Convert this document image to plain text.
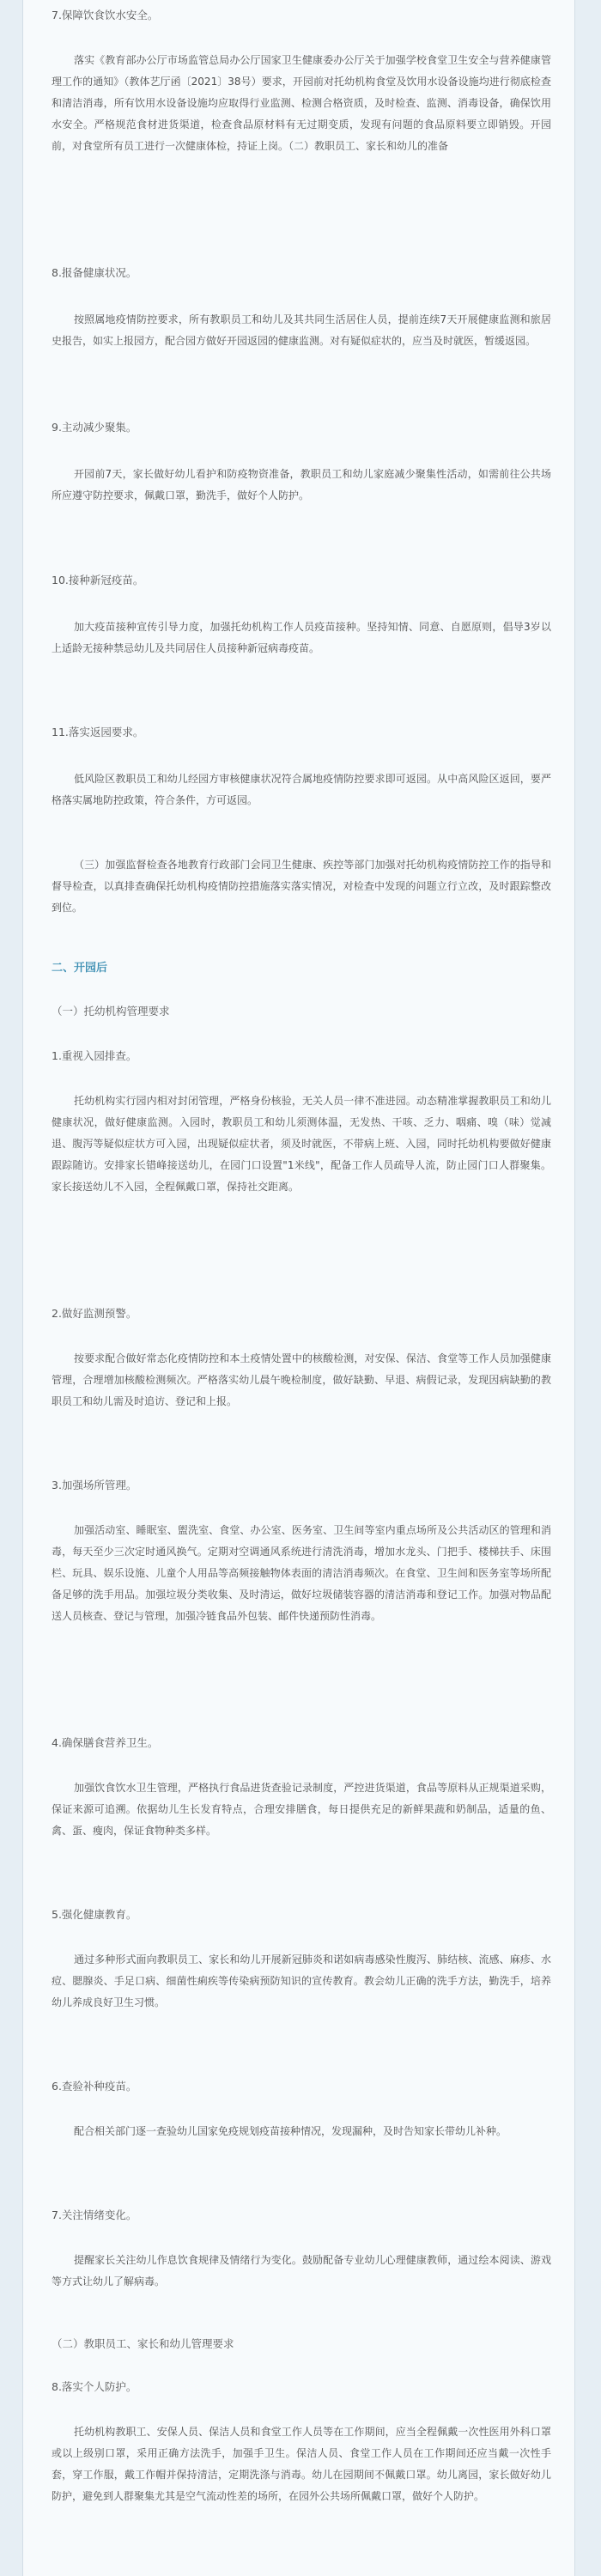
7.保障饮食饮水安全。
落实《教育部办公厅市场监管总局办公厅国家卫生健康委办公厅关于加强学校食堂卫生安全与营养健康管理工作的通知》（教体艺厅函〔2021〕38号）要求，开园前对托幼机构食堂及饮用水设备设施均进行彻底检查和清洁消毒，所有饮用水设备设施均应取得行业监测、检测合格资质，及时检查、监测、消毒设备，确保饮用水安全。严格规范食材进货渠道，检查食品原材料有无过期变质，发现有问题的食品原料要立即销毁。开园前，对食堂所有员工进行一次健康体检，持证上岗。（二）教职员工、家长和幼儿的准备
8.报备健康状况。
按照属地疫情防控要求，所有教职员工和幼儿及其共同生活居住人员，提前连续7天开展健康监测和旅居史报告，如实上报园方，配合园方做好开园返园的健康监测。对有疑似症状的，应当及时就医，暂缓返园。
9.主动减少聚集。
开园前7天，家长做好幼儿看护和防疫物资准备，教职员工和幼儿家庭减少聚集性活动，如需前往公共场所应遵守防控要求，佩戴口罩，勤洗手，做好个人防护。
10.接种新冠疫苗。
加大疫苗接种宣传引导力度，加强托幼机构工作人员疫苗接种。坚持知情、同意、自愿原则，倡导3岁以上适龄无接种禁忌幼儿及共同居住人员接种新冠病毒疫苗。
11.落实返园要求。
低风险区教职员工和幼儿经园方审核健康状况符合属地疫情防控要求即可返园。从中高风险区返回，要严格落实属地防控政策，符合条件，方可返园。
（三）加强监督检查各地教育行政部门会同卫生健康、疾控等部门加强对托幼机构疫情防控工作的指导和督导检查，以真排查确保托幼机构疫情防控措施落实落实情况，对检查中发现的问题立行立改，及时跟踪整改到位。
二、开园后
（一）托幼机构管理要求
1.重视入园排查。
托幼机构实行园内相对封闭管理，严格身份核验，无关人员一律不准进园。动态精准掌握教职员工和幼儿健康状况，做好健康监测。入园时，教职员工和幼儿须测体温，无发热、干咳、乏力、咽痛、嗅（味）觉减退、腹泻等疑似症状方可入园，出现疑似症状者，须及时就医，不带病上班、入园，同时托幼机构要做好健康跟踪随访。安排家长错峰接送幼儿，在园门口设置"1米线"，配备工作人员疏导人流，防止园门口人群聚集。家长接送幼儿不入园，全程佩戴口罩，保持社交距离。
2.做好监测预警。
按要求配合做好常态化疫情防控和本土疫情处置中的核酸检测，对安保、保洁、食堂等工作人员加强健康管理，合理增加核酸检测频次。严格落实幼儿晨午晚检制度，做好缺勤、早退、病假记录，发现因病缺勤的教职员工和幼儿需及时追访、登记和上报。
3.加强场所管理。
加强活动室、睡眠室、盥洗室、食堂、办公室、医务室、卫生间等室内重点场所及公共活动区的管理和消毒，每天至少三次定时通风换气。定期对空调通风系统进行清洗消毒，增加水龙头、门把手、楼梯扶手、床围栏、玩具、娱乐设施、儿童个人用品等高频接触物体表面的清洁消毒频次。在食堂、卫生间和医务室等场所配备足够的洗手用品。加强垃圾分类收集、及时清运，做好垃圾储装容器的清洁消毒和登记工作。加强对物品配送人员核查、登记与管理，加强冷链食品外包装、邮件快递预防性消毒。
4.确保膳食营养卫生。
加强饮食饮水卫生管理，严格执行食品进货查验记录制度，严控进货渠道，食品等原料从正规渠道采购，保证来源可追溯。依据幼儿生长发育特点，合理安排膳食，每日提供充足的新鲜果蔬和奶制品，适量的鱼、禽、蛋、瘦肉，保证食物种类多样。
5.强化健康教育。
通过多种形式面向教职员工、家长和幼儿开展新冠肺炎和诺如病毒感染性腹泻、肺结核、流感、麻疹、水痘、腮腺炎、手足口病、细菌性痢疾等传染病预防知识的宣传教育。教会幼儿正确的洗手方法，勤洗手，培养幼儿养成良好卫生习惯。
6.查验补种疫苗。
配合相关部门逐一查验幼儿国家免疫规划疫苗接种情况，发现漏种，及时告知家长带幼儿补种。
7.关注情绪变化。
提醒家长关注幼儿作息饮食规律及情绪行为变化。鼓励配备专业幼儿心理健康教师，通过绘本阅读、游戏等方式让幼儿了解病毒。
（二）教职员工、家长和幼儿管理要求
8.落实个人防护。
托幼机构教职工、安保人员、保洁人员和食堂工作人员等在工作期间，应当全程佩戴一次性医用外科口罩或以上级别口罩，采用正确方法洗手，加强手卫生。保洁人员、食堂工作人员在工作期间还应当戴一次性手套，穿工作服，戴工作帽并保持清洁，定期洗涤与消毒。幼儿在园期间不佩戴口罩。幼儿离园，家长做好幼儿防护，避免到人群聚集尤其是空气流动性差的场所，在园外公共场所佩戴口罩，做好个人防护。
